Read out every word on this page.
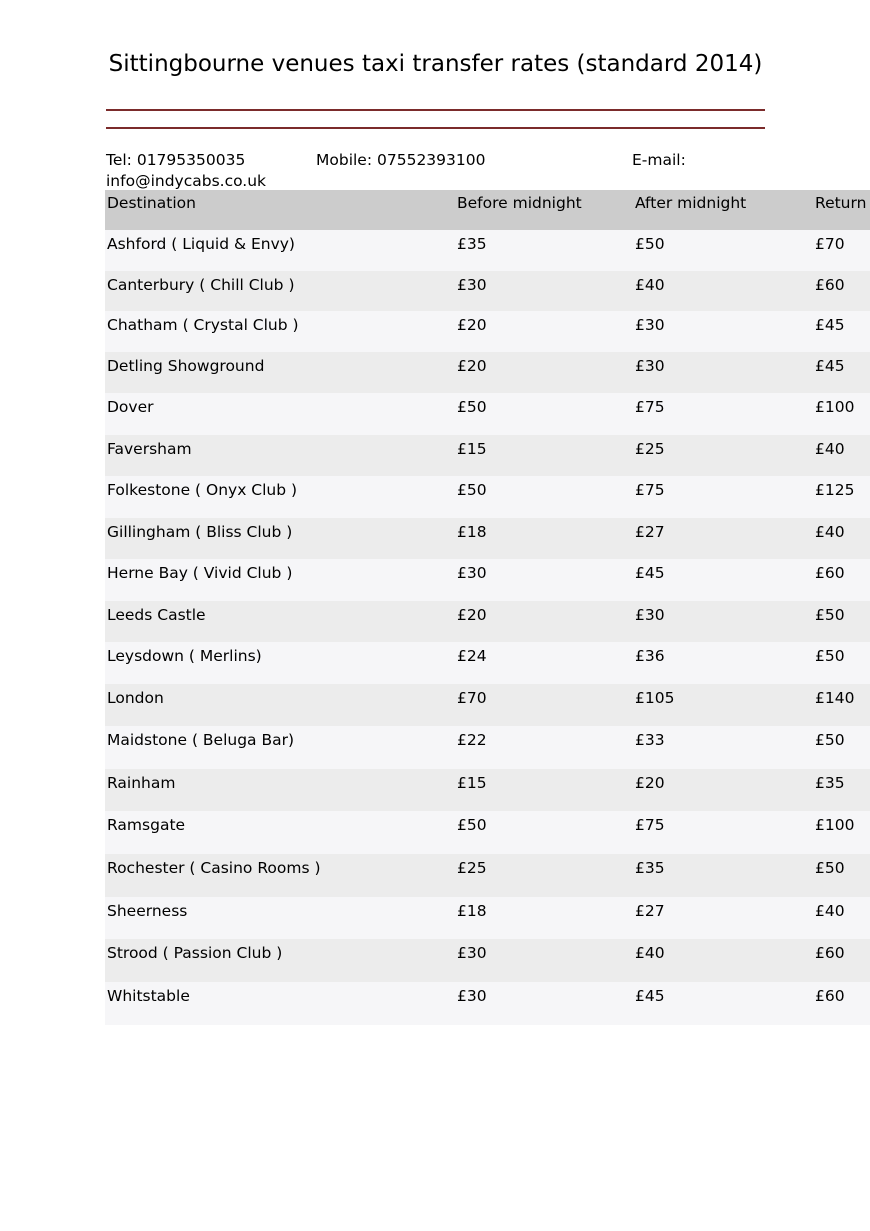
Sittingbourne venues taxi transfer rates (standard 2014)
Tel: 01795350035	Mobile: 07552393100	E-mail:
info@indycabs.co.uk
Destination	Before midnight	After midnight	Return
Ashford ( Liquid & Envy)	£35	£50	£70
Canterbury ( Chill Club )	£30	£40	£60
Chatham ( Crystal Club )	£20	£30	£45
Detling Showground	£20	£30	£45
Dover	£50	£75	£100
Faversham	£15	£25	£40
Folkestone ( Onyx Club )	£50	£75	£125
Gillingham ( Bliss Club )	£18	£27	£40
Herne Bay ( Vivid Club )	£30	£45	£60
Leeds Castle	£20	£30	£50
Leysdown ( Merlins)	£24	£36	£50
London	£70	£105	£140
Maidstone ( Beluga Bar)	£22	£33	£50
Rainham	£15	£20	£35
Ramsgate	£50	£75	£100
Rochester ( Casino Rooms )	£25	£35	£50
Sheerness	£18	£27	£40
Strood ( Passion Club )	£30	£40	£60
Whitstable	£30	£45	£60
